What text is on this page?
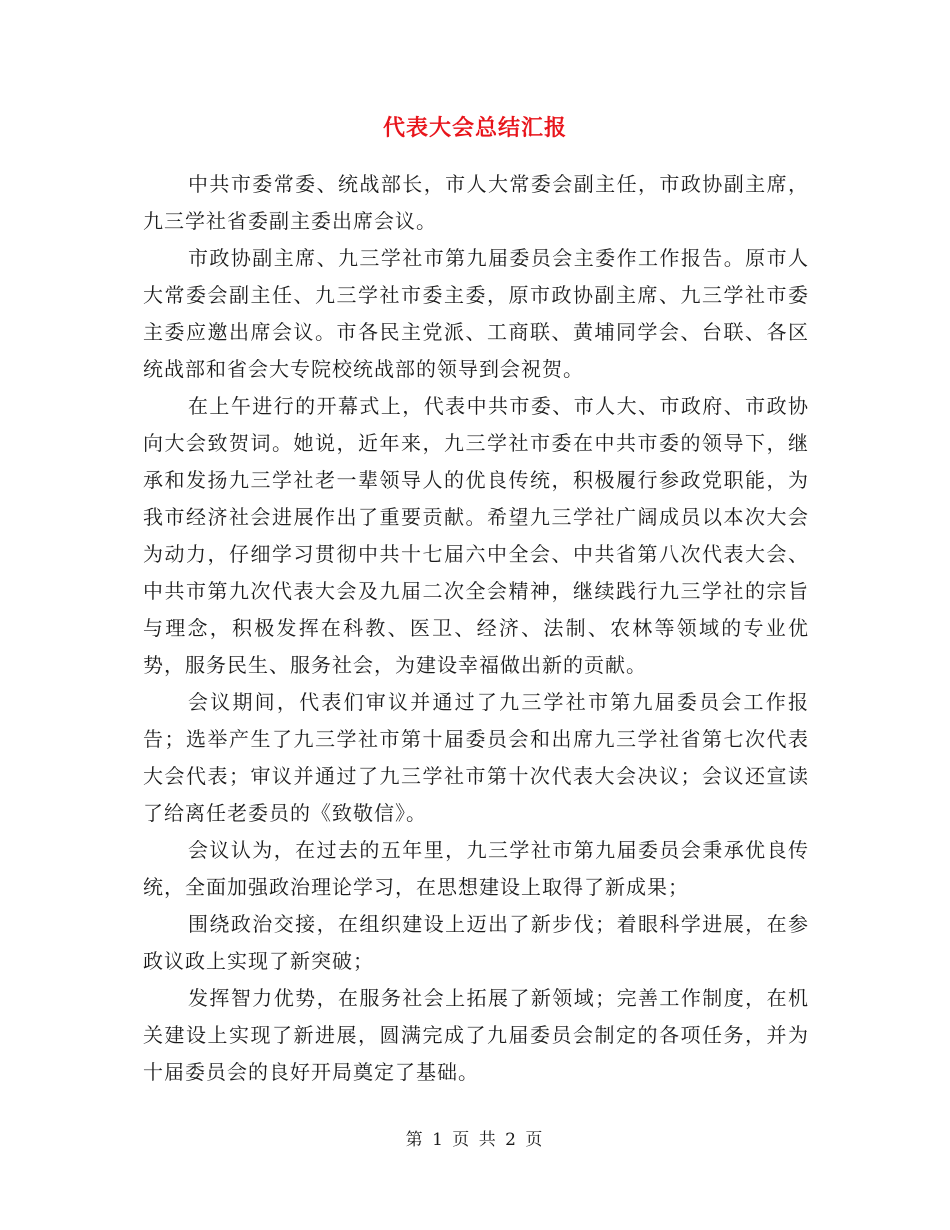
代表大会总结汇报

中共市委常委、统战部长，市人大常委会副主任，市政协副主席，九三学社省委副主委出席会议。

市政协副主席、九三学社市第九届委员会主委作工作报告。原市人大常委会副主任、九三学社市委主委，原市政协副主席、九三学社市委主委应邀出席会议。市各民主党派、工商联、黄埔同学会、台联、各区统战部和省会大专院校统战部的领导到会祝贺。

在上午进行的开幕式上，代表中共市委、市人大、市政府、市政协向大会致贺词。她说，近年来，九三学社市委在中共市委的领导下，继承和发扬九三学社老一辈领导人的优良传统，积极履行参政党职能，为我市经济社会进展作出了重要贡献。希望九三学社广阔成员以本次大会为动力，仔细学习贯彻中共十七届六中全会、中共省第八次代表大会、中共市第九次代表大会及九届二次全会精神，继续践行九三学社的宗旨与理念，积极发挥在科教、医卫、经济、法制、农林等领域的专业优势，服务民生、服务社会，为建设幸福做出新的贡献。

会议期间，代表们审议并通过了九三学社市第九届委员会工作报告；选举产生了九三学社市第十届委员会和出席九三学社省第七次代表大会代表；审议并通过了九三学社市第十次代表大会决议；会议还宣读了给离任老委员的《致敬信》。

会议认为，在过去的五年里，九三学社市第九届委员会秉承优良传统，全面加强政治理论学习，在思想建设上取得了新成果；

围绕政治交接，在组织建设上迈出了新步伐；着眼科学进展，在参政议政上实现了新突破；

发挥智力优势，在服务社会上拓展了新领域；完善工作制度，在机关建设上实现了新进展，圆满完成了九届委员会制定的各项任务，并为十届委员会的良好开局奠定了基础。

第 1 页 共 2 页
